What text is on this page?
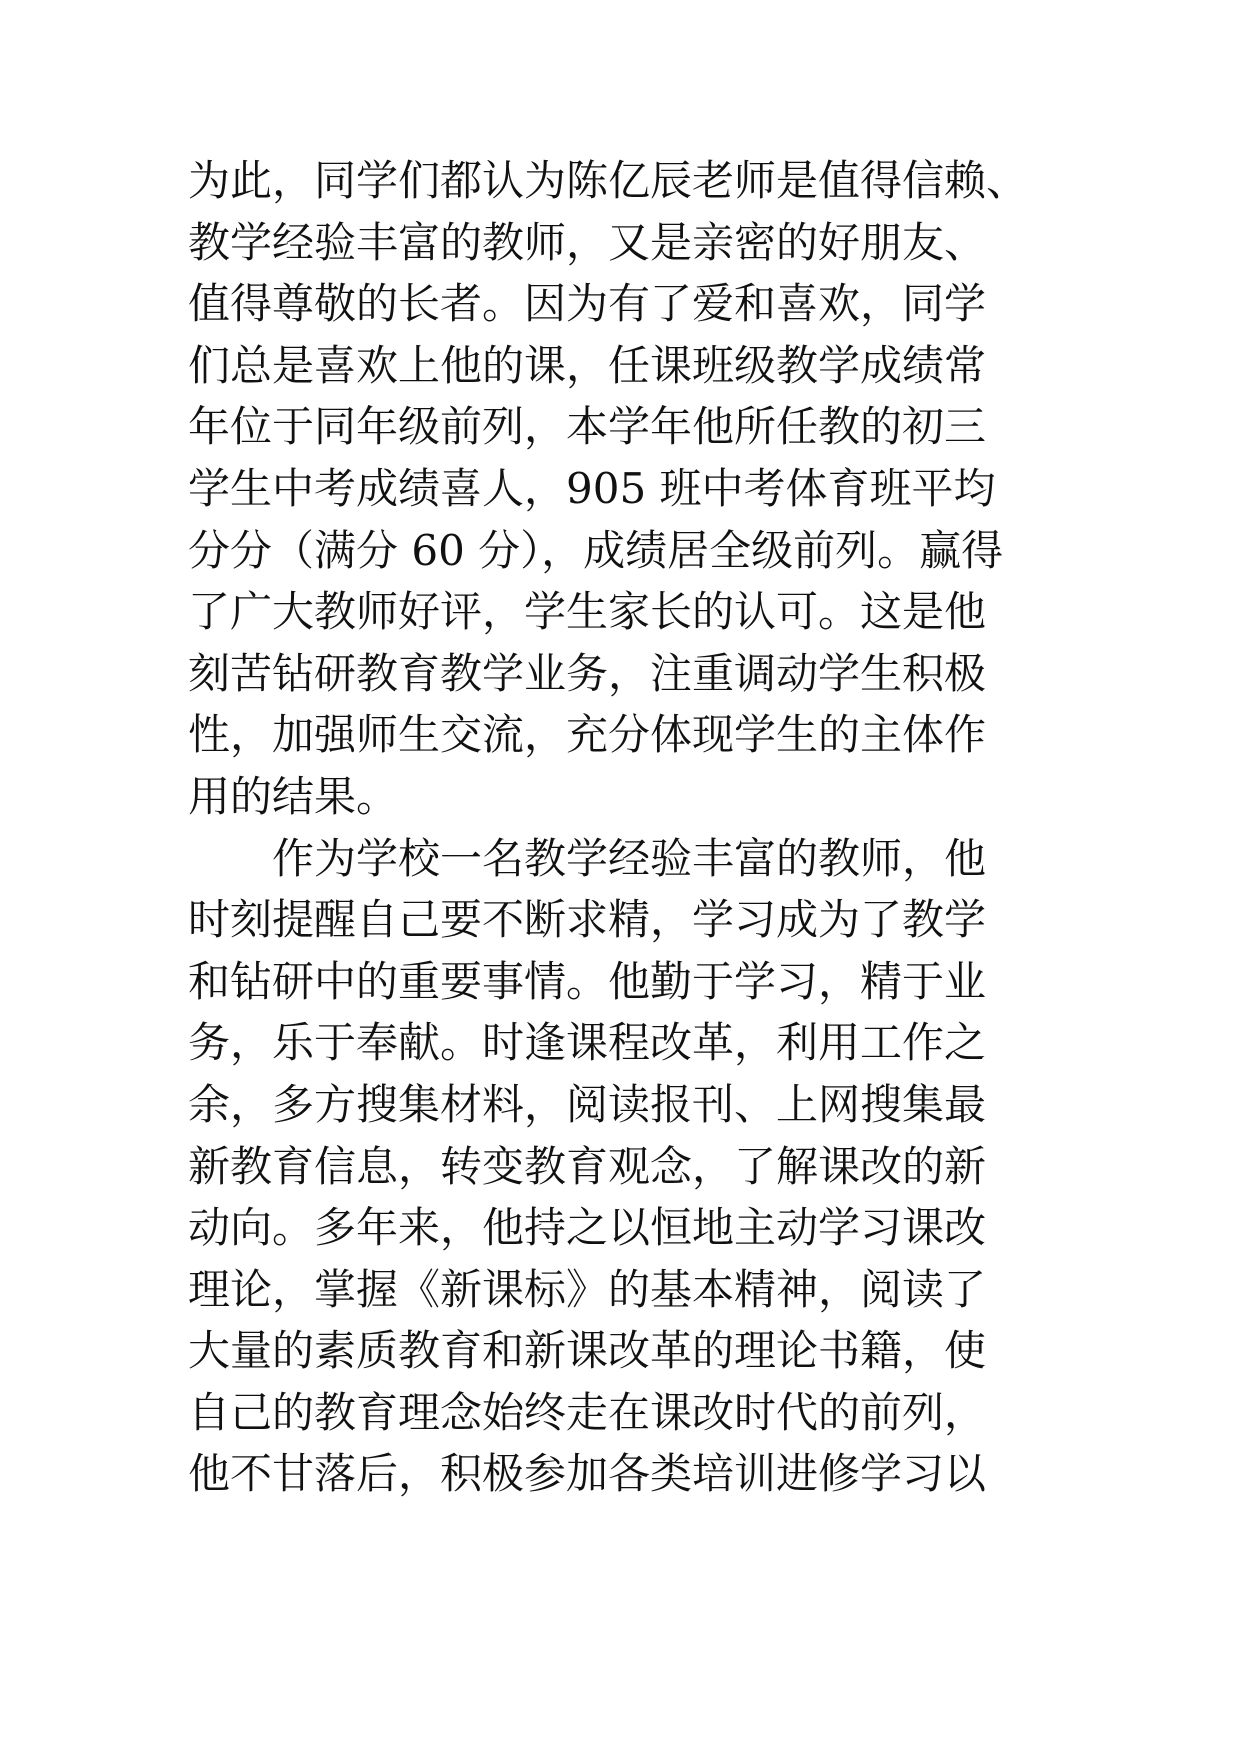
为此，同学们都认为陈亿辰老师是值得信赖、
教学经验丰富的教师，又是亲密的好朋友、
值得尊敬的长者。因为有了爱和喜欢，同学
们总是喜欢上他的课，任课班级教学成绩常
年位于同年级前列，本学年他所任教的初三
学生中考成绩喜人，905 班中考体育班平均
分分（满分 60 分），成绩居全级前列。赢得
了广大教师好评，学生家长的认可。这是他
刻苦钻研教育教学业务，注重调动学生积极
性，加强师生交流，充分体现学生的主体作
用的结果。
作为学校一名教学经验丰富的教师，他
时刻提醒自己要不断求精，学习成为了教学
和钻研中的重要事情。他勤于学习，精于业
务，乐于奉献。时逢课程改革，利用工作之
余，多方搜集材料，阅读报刊、上网搜集最
新教育信息，转变教育观念，了解课改的新
动向。多年来，他持之以恒地主动学习课改
理论，掌握《新课标》的基本精神，阅读了
大量的素质教育和新课改革的理论书籍，使
自己的教育理念始终走在课改时代的前列，
他不甘落后，积极参加各类培训进修学习以
